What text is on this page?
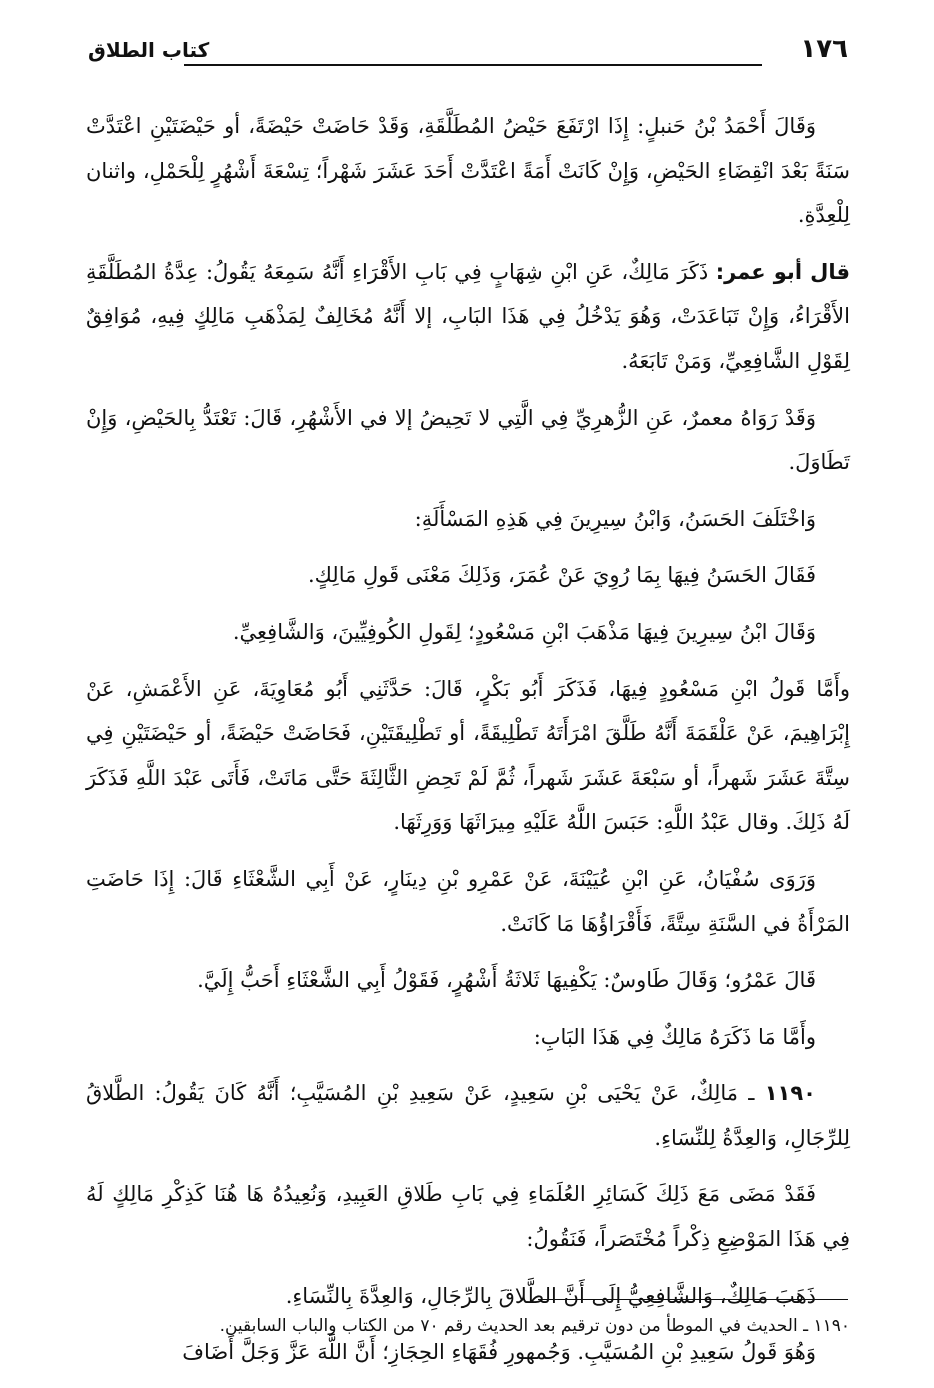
١٧٦
كتاب الطلاق

وَقَالَ أَحْمَدُ بْنُ حَنبلٍ: إِذَا ارْتَفَعَ حَيْضُ المُطَلَّقَةِ، وَقَدْ حَاضَتْ حَيْضَةً، أو حَيْضَتَيْنِ اعْتَدَّتْ سَنَةً بَعْدَ انْقِضَاءِ الحَيْضِ، وَإِنْ كَانَتْ أَمَةً اعْتَدَّتْ أَحَدَ عَشَرَ شَهْراً؛ تِسْعَةَ أَشْهُرٍ لِلْحَمْلِ، واثنان لِلْعِدَّةِ.

قال أبو عمر: ذَكَرَ مَالِكٌ، عَنِ ابْنِ شِهَابٍ فِي بَابِ الأَقْرَاءِ أَنَّهُ سَمِعَهُ يَقُولُ: عِدَّةُ المُطَلَّقَةِ الأَقْرَاءُ، وَإِنْ تَبَاعَدَتْ، وَهُوَ يَدْخُلُ فِي هَذَا البَابِ، إلا أَنَّهُ مُخَالِفٌ لِمَذْهَبِ مَالِكٍ فِيهِ، مُوَافِقٌ لِقَوْلِ الشَّافِعِيِّ، وَمَنْ تَابَعَهُ.

وَقَدْ رَوَاهُ معمرٌ، عَنِ الزُّهرِيِّ فِي الَّتِي لا تَحِيضُ إلا في الأَشْهُرِ، قَالَ: تَعْتَدُّ بِالحَيْضِ، وَإِنْ تَطَاوَلَ.

وَاخْتَلَفَ الحَسَنُ، وَابْنُ سِيرِينَ فِي هَذِهِ المَسْأَلَةِ:

فَقَالَ الحَسَنُ فِيهَا بِمَا رُوِيَ عَنْ عُمَرَ، وَذَلِكَ مَعْنَى قَولِ مَالِكٍ.

وَقَالَ ابْنُ سِيرِينَ فِيهَا مَذْهَبَ ابْنِ مَسْعُودٍ؛ لِقَولِ الكُوفِيِّينَ، وَالشَّافِعِيِّ.

وأَمَّا قَولُ ابْنِ مَسْعُودٍ فِيهَا، فَذَكَرَ أَبُو بَكْرٍ، قَالَ: حَدَّثَنِي أَبُو مُعَاوِيَةَ، عَنِ الأَعْمَشِ، عَنْ إِبْرَاهِيمَ، عَنْ عَلْقَمَةَ أَنَّهُ طَلَّقَ امْرَأَتَهُ تَطْلِيقَةً، أو تَطْلِيقَتَيْنِ، فَحَاضَتْ حَيْضَةً، أو حَيْضَتَيْنِ فِي سِتَّةَ عَشَرَ شَهراً، أو سَبْعَةَ عَشَرَ شَهراً، ثُمَّ لَمْ تَحِضِ الثَّالِثَةَ حَتَّى مَاتَتْ، فَأَتَى عَبْدَ اللَّهِ فَذَكَرَ لَهُ ذَلِكَ. وقال عَبْدُ اللَّهِ: حَبَسَ اللَّهُ عَلَيْهِ مِيرَاثَهَا وَوَرِثَهَا.

وَرَوَى سُفْيَانُ، عَنِ ابْنِ عُيَيْنَةَ، عَنْ عَمْرِو بْنِ دِينَارٍ، عَنْ أَبِي الشَّعْثَاءِ قَالَ: إِذَا حَاضَتِ المَرْأَةُ في السَّنَةِ سِتَّةً، فَأَقْرَاؤُهَا مَا كَانَتْ.

قَالَ عَمْرُو؛ وَقَالَ طَاوسٌ: يَكْفِيهَا ثَلاثَةُ أَشْهُرٍ، فَقَوْلُ أَبِي الشَّعْثَاءِ أَحَبُّ إِلَيَّ.

وأَمَّا مَا ذَكَرَهُ مَالِكٌ فِي هَذَا البَابِ:

١١٩٠ ـ مَالِكٌ، عَنْ يَحْيَى بْنِ سَعِيدٍ، عَنْ سَعِيدِ بْنِ المُسَيَّبِ؛ أَنَّهُ كَانَ يَقُولُ: الطَّلاقُ لِلرِّجَالِ، وَالعِدَّةُ لِلنِّسَاءِ.

فَقَدْ مَضَى مَعَ ذَلِكَ كَسَائِرِ العُلَمَاءِ فِي بَابِ طَلاقِ العَبِيدِ، وَنُعِيدُهُ هَا هُنَا كَذِكْرِ مَالِكٍ لَهُ فِي هَذَا المَوْضِعِ ذِكْراً مُخْتَصَراً، فَنَقُولُ:

ذَهَبَ مَالِكٌ، وَالشَّافِعِيُّ إِلَى أَنَّ الطَّلاقَ بِالرِّجَالِ، وَالعِدَّةَ بِالنِّسَاءِ.

وَهُوَ قَولُ سَعِيدِ بْنِ المُسَيَّبِ. وَجُمهورِ فُقَهَاءِ الحِجَازِ؛ أَنَّ اللَّهَ عَزَّ وَجَلَّ أَضَافَ

١١٩٠ ـ الحديث في الموطأ من دون ترقيم بعد الحديث رقم ٧٠ من الكتاب والباب السابقين.
